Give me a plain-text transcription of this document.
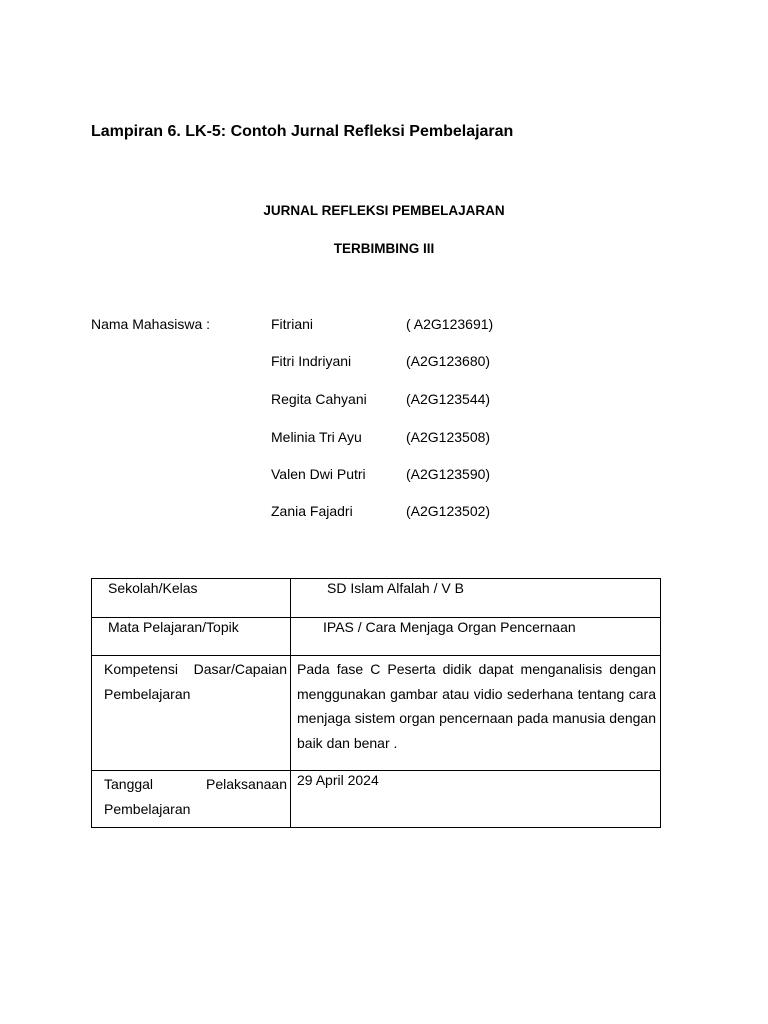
Lampiran 6. LK-5: Contoh Jurnal Refleksi Pembelajaran
JURNAL REFLEKSI PEMBELAJARAN
TERBIMBING III
Nama Mahasiswa :	Fitriani	( A2G123691)
Fitri Indriyani	(A2G123680)
Regita Cahyani	(A2G123544)
Melinia Tri Ayu	(A2G123508)
Valen Dwi Putri	(A2G123590)
Zania Fajadri	(A2G123502)
Sekolah/Kelas	SD Islam Alfalah / V B
Mata Pelajaran/Topik	IPAS / Cara Menjaga Organ Pencernaan

Kompetensi Dasar/Capaian
Pembelajaran	Pada fase C Peserta didik dapat menganalisis dengan menggunakan gambar atau vidio sederhana tentang cara menjaga sistem organ pencernaan pada manusia dengan baik dan benar .

Tanggal Pelaksanaan
Pembelajaran	29 April 2024
